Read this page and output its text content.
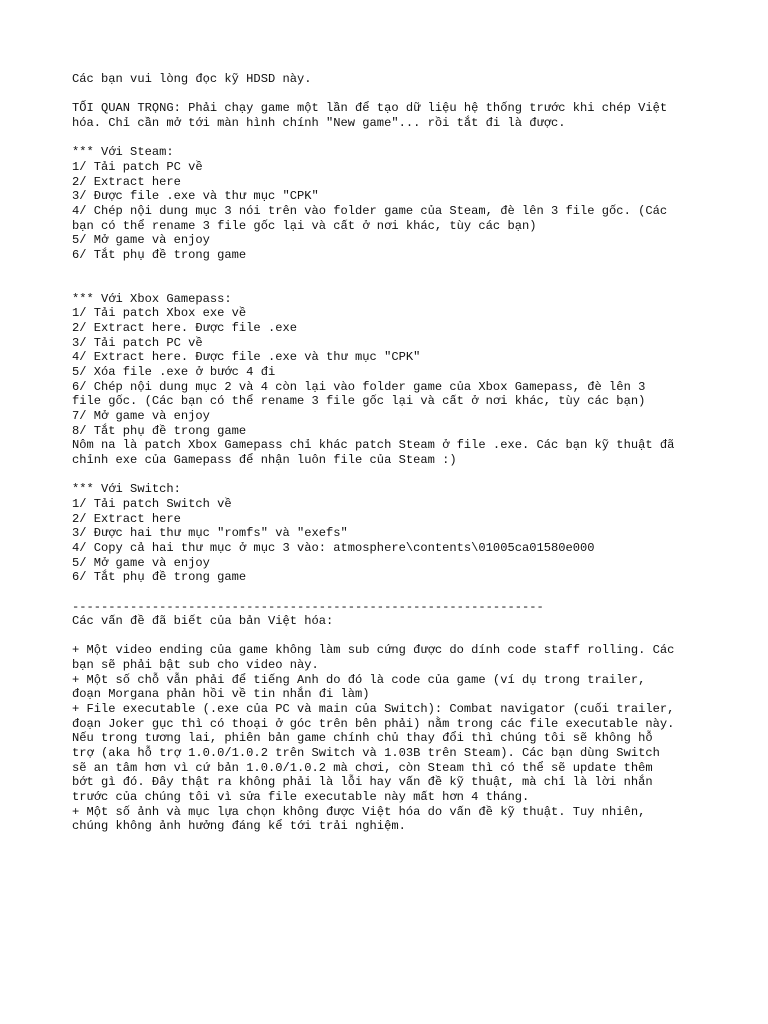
Các bạn vui lòng đọc kỹ HDSD này.
TỐI QUAN TRỌNG: Phải chạy game một lần để tạo dữ liệu hệ thống trước khi chép Việt
hóa. Chỉ cần mở tới màn hình chính "New game"... rồi tắt đi là được.
*** Với Steam:
1/ Tải patch PC về
2/ Extract here
3/ Được file .exe và thư mục "CPK"
4/ Chép nội dung mục 3 nói trên vào folder game của Steam, đè lên 3 file gốc. (Các
bạn có thể rename 3 file gốc lại và cất ở nơi khác, tùy các bạn)
5/ Mở game và enjoy
6/ Tắt phụ đề trong game
*** Với Xbox Gamepass:
1/ Tải patch Xbox exe về
2/ Extract here. Được file .exe
3/ Tải patch PC về
4/ Extract here. Được file .exe và thư mục "CPK"
5/ Xóa file .exe ở bước 4 đi
6/ Chép nội dung mục 2 và 4 còn lại vào folder game của Xbox Gamepass, đè lên 3
file gốc. (Các bạn có thể rename 3 file gốc lại và cất ở nơi khác, tùy các bạn)
7/ Mở game và enjoy
8/ Tắt phụ đề trong game
Nôm na là patch Xbox Gamepass chỉ khác patch Steam ở file .exe. Các bạn kỹ thuật đã
chỉnh exe của Gamepass để nhận luôn file của Steam :)
*** Với Switch:
1/ Tải patch Switch về
2/ Extract here
3/ Được hai thư mục "romfs" và "exefs"
4/ Copy cả hai thư mục ở mục 3 vào: atmosphere\contents\01005ca01580e000
5/ Mở game và enjoy
6/ Tắt phụ đề trong game
-----------------------------------------------------------------
Các vấn đề đã biết của bản Việt hóa:
+ Một video ending của game không làm sub cứng được do dính code staff rolling. Các
bạn sẽ phải bật sub cho video này.
+ Một số chỗ vẫn phải để tiếng Anh do đó là code của game (ví dụ trong trailer,
đoạn Morgana phản hồi về tin nhắn đi làm)
+ File executable (.exe của PC và main của Switch): Combat navigator (cuối trailer,
đoạn Joker gục thì có thoại ở góc trên bên phải) nằm trong các file executable này.
Nếu trong tương lai, phiên bản game chính chủ thay đổi thì chúng tôi sẽ không hỗ
trợ (aka hỗ trợ 1.0.0/1.0.2 trên Switch và 1.03B trên Steam). Các bạn dùng Switch
sẽ an tâm hơn vì cứ bản 1.0.0/1.0.2 mà chơi, còn Steam thì có thể sẽ update thêm
bớt gì đó. Đây thật ra không phải là lỗi hay vấn đề kỹ thuật, mà chỉ là lời nhắn
trước của chúng tôi vì sửa file executable này mất hơn 4 tháng.
+ Một số ảnh và mục lựa chọn không được Việt hóa do vấn đề kỹ thuật. Tuy nhiên,
chúng không ảnh hưởng đáng kể tới trải nghiệm.
